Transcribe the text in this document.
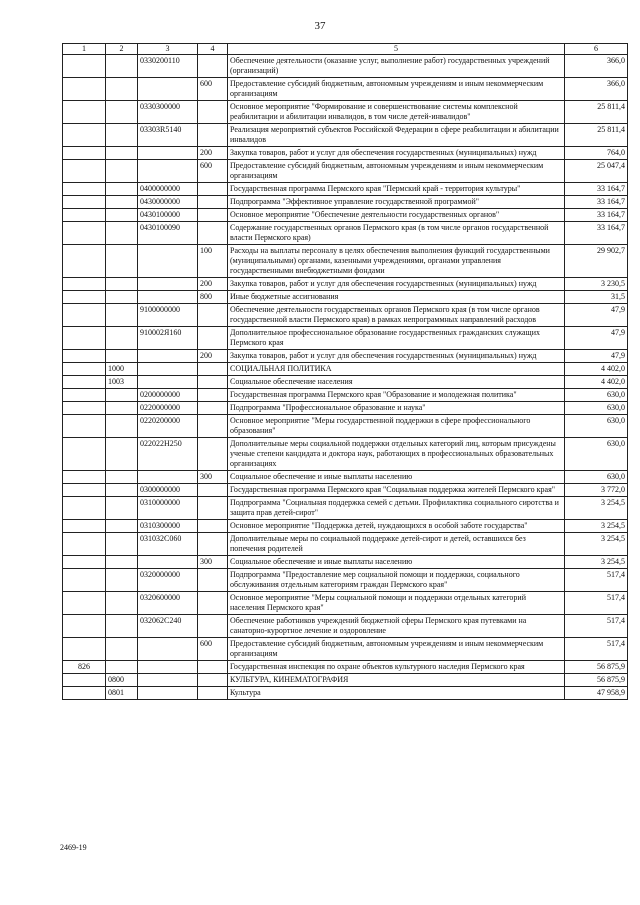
37
1	2	3	4	5	6
		0330200110		Обеспечение деятельности (оказание услуг, выполнение работ) государственных учреждений (организаций)	366,0
			600	Предоставление субсидий бюджетным, автономным учреждениям и иным некоммерческим организациям	366,0
		0330300000		Основное мероприятие "Формирование и совершенствование системы комплексной реабилитации и абилитации инвалидов, в том числе детей-инвалидов"	25 811,4
		03303R5140		Реализация мероприятий субъектов Российской Федерации в сфере реабилитации и абилитации инвалидов	25 811,4
			200	Закупка товаров, работ и услуг для обеспечения государственных (муниципальных) нужд	764,0
			600	Предоставление субсидий бюджетным, автономным учреждениям и иным некоммерческим организациям	25 047,4
		0400000000		Государственная программа Пермского края "Пермский край - территория культуры"	33 164,7
		0430000000		Подпрограмма "Эффективное управление государственной программой"	33 164,7
		0430100000		Основное мероприятие "Обеспечение деятельности государственных органов"	33 164,7
		0430100090		Содержание государственных органов Пермского края (в том числе органов государственной власти Пермского края)	33 164,7
			100	Расходы на выплаты персоналу в целях обеспечения выполнения функций государственными (муниципальными) органами, казенными учреждениями, органами управления государственными внебюджетными фондами	29 902,7
			200	Закупка товаров, работ и услуг для обеспечения государственных (муниципальных) нужд	3 230,5
			800	Иные бюджетные ассигнования	31,5
		9100000000		Обеспечение деятельности государственных органов Пермского края (в том числе органов государственной власти Пермского края) в рамках непрограммных направлений расходов	47,9
		910002Я160		Дополнительное профессиональное образование государственных гражданских служащих Пермского края	47,9
			200	Закупка товаров, работ и услуг для обеспечения государственных (муниципальных) нужд	47,9
	1000			СОЦИАЛЬНАЯ ПОЛИТИКА	4 402,0
	1003			Социальное обеспечение населения	4 402,0
		0200000000		Государственная программа Пермского края "Образование и молодежная политика"	630,0
		0220000000		Подпрограмма "Профессиональное образование и наука"	630,0
		0220200000		Основное мероприятие "Меры государственной поддержки в сфере профессионального образования"	630,0
		022022Н250		Дополнительные меры социальной поддержки отдельных категорий лиц, которым присуждены ученые степени кандидата и доктора наук, работающих в профессиональных образовательных организациях	630,0
			300	Социальное обеспечение и иные выплаты населению	630,0
		0300000000		Государственная программа Пермского края "Социальная поддержка жителей Пермского края"	3 772,0
		0310000000		Подпрограмма "Социальная поддержка семей с детьми. Профилактика социального сиротства и защита прав детей-сирот"	3 254,5
		0310300000		Основное мероприятие "Поддержка детей, нуждающихся в особой заботе государства"	3 254,5
		031032С060		Дополнительные меры по социальной поддержке детей-сирот и детей, оставшихся без попечения родителей	3 254,5
			300	Социальное обеспечение и иные выплаты населению	3 254,5
		0320000000		Подпрограмма "Предоставление мер социальной помощи и поддержки, социального обслуживания отдельным категориям граждан Пермского края"	517,4
		0320600000		Основное мероприятие "Меры социальной помощи и поддержки отдельных категорий населения Пермского края"	517,4
		032062С240		Обеспечение работников учреждений бюджетной сферы Пермского края путевками на санаторно-курортное лечение и оздоровление	517,4
			600	Предоставление субсидий бюджетным, автономным учреждениям и иным некоммерческим организациям	517,4
826				Государственная инспекция по охране объектов культурного наследия Пермского края	56 875,9
	0800			КУЛЬТУРА, КИНЕМАТОГРАФИЯ	56 875,9
	0801			Культура	47 958,9
2469-19
